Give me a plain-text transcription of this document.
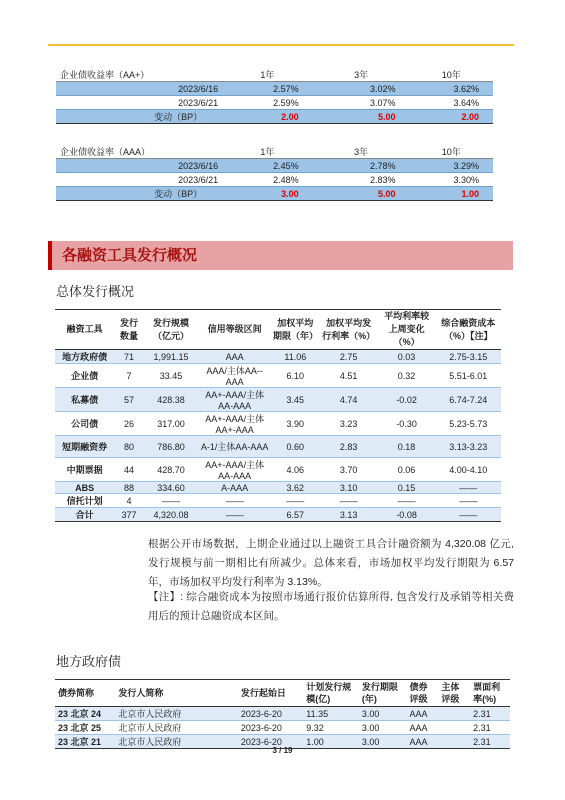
企业债收益率（AA+）	1年	3年	10年
2023/6/16	2.57%	3.02%	3.62%
2023/6/21	2.59%	3.07%	3.64%
变动（BP）	2.00	5.00	2.00
企业债收益率（AAA）	1年	3年	10年
2023/6/16	2.45%	2.78%	3.29%
2023/6/21	2.48%	2.83%	3.30%
变动（BP）	3.00	5.00	1.00
各融资工具发行概况
总体发行概况
融资工具	发行数量	发行规模（亿元）	信用等级区间	加权平均期限（年）	加权平均发行利率（%）	平均利率较上周变化（%）	综合融资成本（%）【注】
地方政府债	71	1,991.15	AAA	11.06	2.75	0.03	2.75-3.15
企业债	7	33.45	AAA/主体AA--AAA	6.10	4.51	0.32	5.51-6.01
私募债	57	428.38	AA+-AAA/主体AA-AAA	3.45	4.74	-0.02	6.74-7.24
公司债	26	317.00	AA+-AAA/主体AA+-AAA	3.90	3.23	-0.30	5.23-5.73
短期融资券	80	786.80	A-1/主体AA-AAA	0.60	2.83	0.18	3.13-3.23
中期票据	44	428.70	AA+-AAA/主体AA-AAA	4.06	3.70	0.06	4.00-4.10
ABS	88	334.60	A-AAA	3.62	3.10	0.15	——
信托计划	4	——	——	——	——	——	——
合计	377	4,320.08	——	6.57	3.13	-0.08	——
根据公开市场数据，上期企业通过以上融资工具合计融资额为 4,320.08 亿元, 发行规模与前一期相比有所减少。总体来看，市场加权平均发行期限为 6.57 年，市场加权平均发行利率为 3.13%。
【注】: 综合融资成本为按照市场通行报价估算所得, 包含发行及承销等相关费用后的预计总融资成本区间。
地方政府债
债券简称	发行人简称	发行起始日	计划发行规模(亿)	发行期限(年)	债券评级	主体评级	票面利率(%)
23 北京 24	北京市人民政府	2023-6-20	11.35	3.00	AAA		2.31
23 北京 25	北京市人民政府	2023-6-20	9.32	3.00	AAA		2.31
23 北京 21	北京市人民政府	2023-6-20	1.00	3.00	AAA		2.31
3 / 19
